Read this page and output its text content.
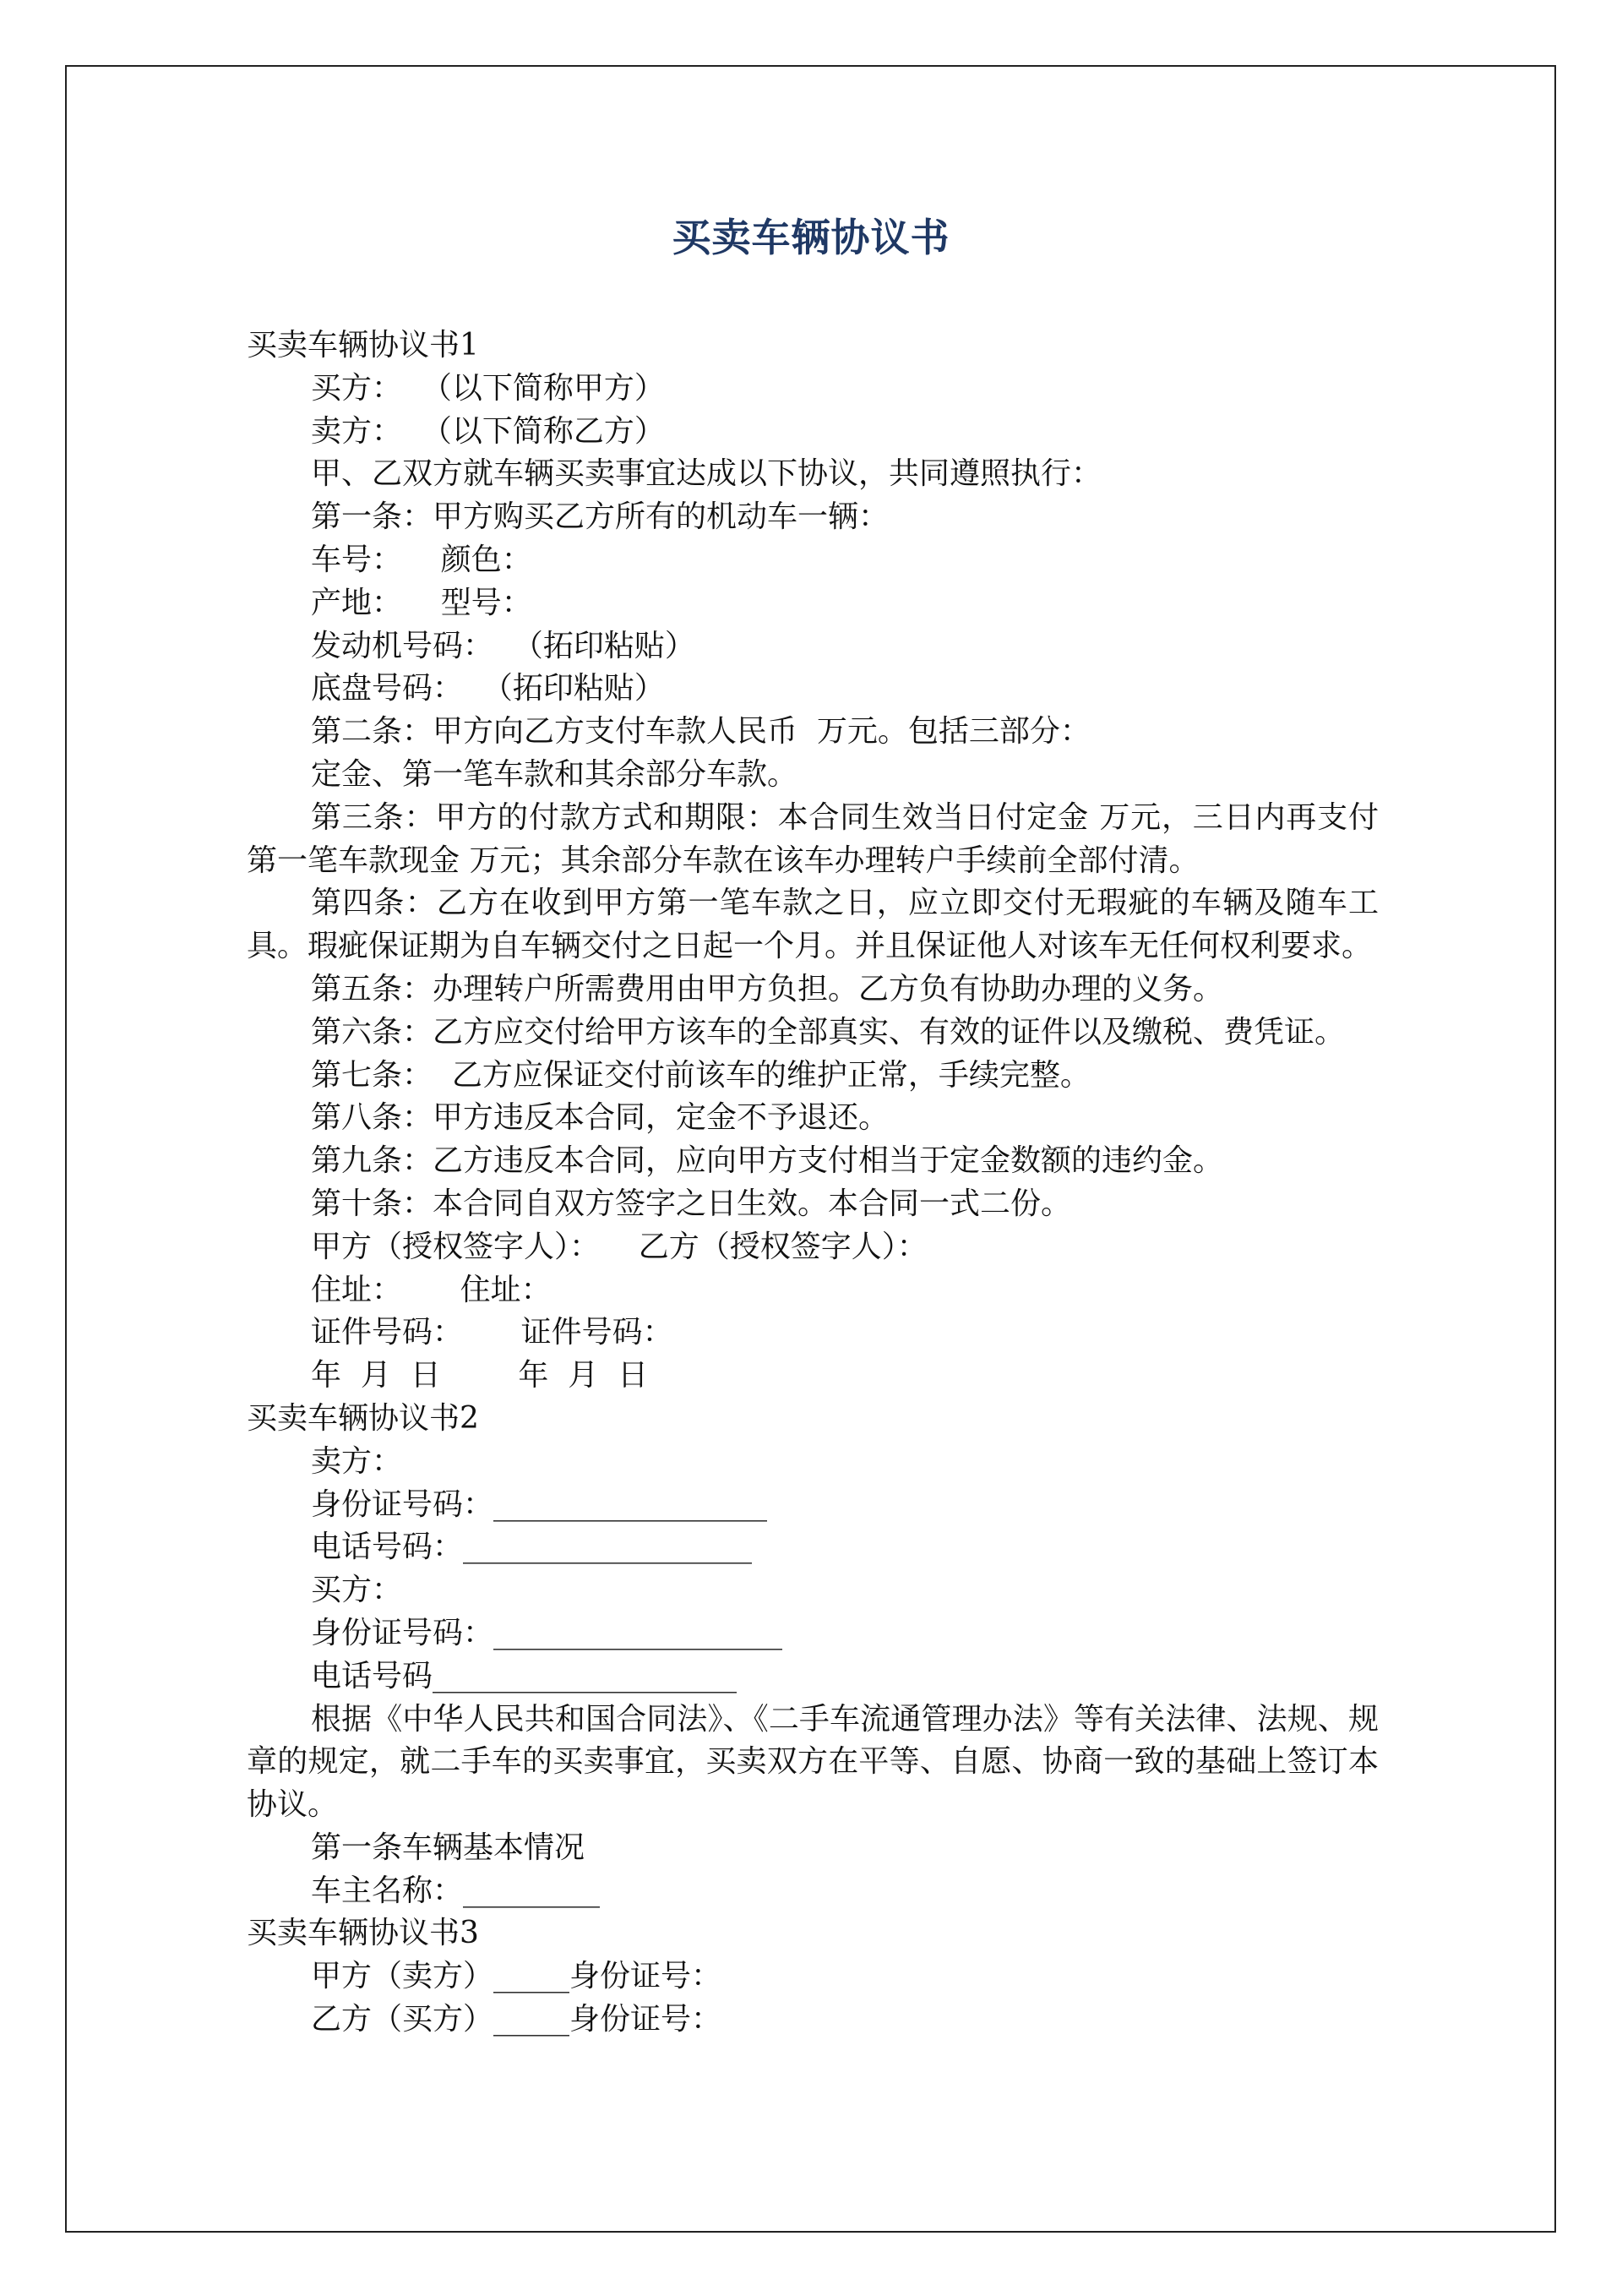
买卖车辆协议书
买卖车辆协议书1
买方：  （以下简称甲方）
卖方：  （以下简称乙方）
甲、乙双方就车辆买卖事宜达成以下协议，共同遵照执行：
第一条：甲方购买乙方所有的机动车一辆：
车号：    颜色：
产地：    型号：
发动机号码：  （拓印粘贴）
底盘号码：  （拓印粘贴）
第二条：甲方向乙方支付车款人民币  万元。包括三部分：
定金、第一笔车款和其余部分车款。

第三条：甲方的付款方式和期限：本合同生效当日付定金 万元，三日内再支付第一笔车款现金 万元；其余部分车款在该车办理转户手续前全部付清。

第四条：乙方在收到甲方第一笔车款之日，应立即交付无瑕疵的车辆及随车工具。瑕疵保证期为自车辆交付之日起一个月。并且保证他人对该车无任何权利要求。

第五条：办理转户所需费用由甲方负担。乙方负有协助办理的义务。
第六条：乙方应交付给甲方该车的全部真实、有效的证件以及缴税、费凭证。
第七条：  乙方应保证交付前该车的维护正常，手续完整。
第八条：甲方违反本合同，定金不予退还。
第九条：乙方违反本合同，应向甲方支付相当于定金数额的违约金。
第十条：本合同自双方签字之日生效。本合同一式二份。
甲方（授权签字人）：    乙方（授权签字人）：
住址：      住址：
证件号码：      证件号码：
年  月  日        年  月  日
买卖车辆协议书2
卖方：
身份证号码：__________________
电话号码：___________________
买方：
身份证号码：___________________
电话号码____________________

根据《中华人民共和国合同法》、《二手车流通管理办法》等有关法律、法规、规章的规定，就二手车的买卖事宜，买卖双方在平等、自愿、协商一致的基础上签订本协议。

第一条车辆基本情况
车主名称：_________
买卖车辆协议书3
甲方（卖方）_____身份证号：
乙方（买方）_____身份证号：
